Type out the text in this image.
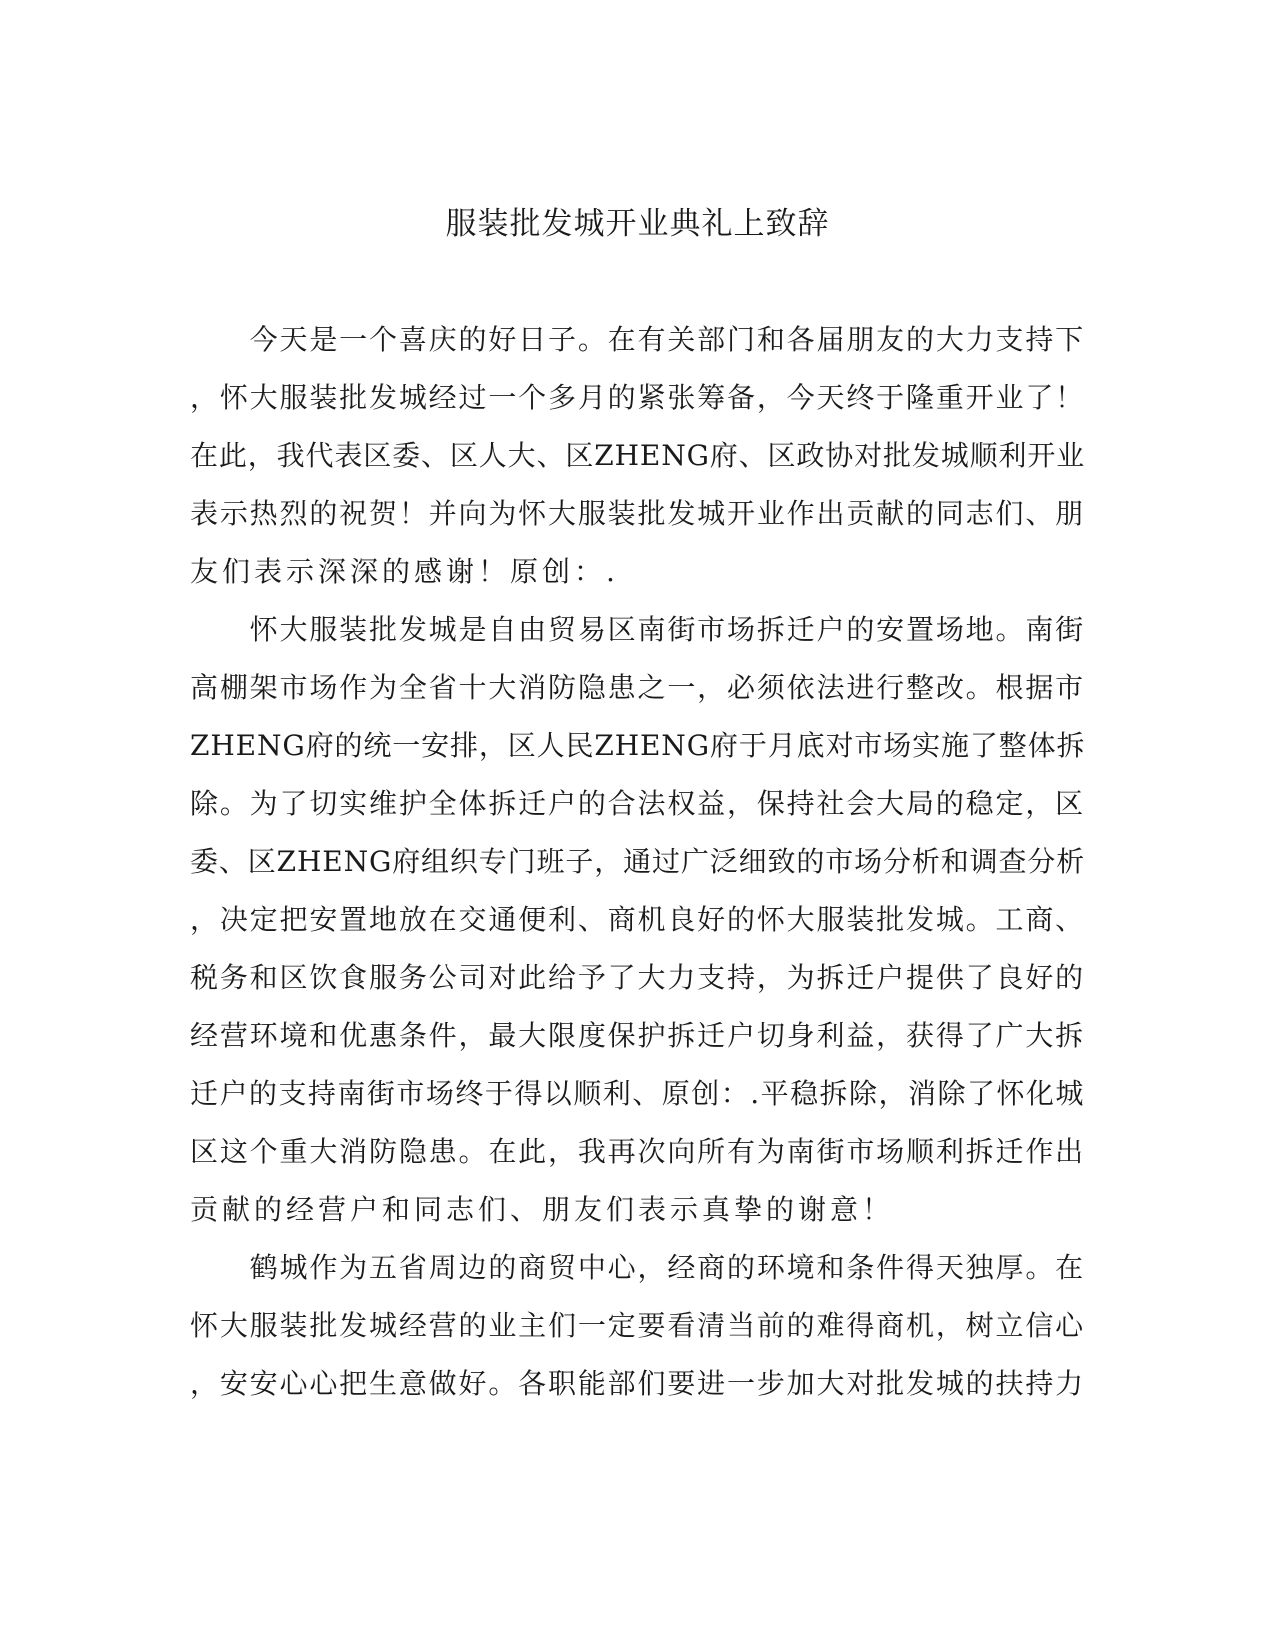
服装批发城开业典礼上致辞
　　今天是一个喜庆的好日子。在有关部门和各届朋友的大力支持下
，怀大服装批发城经过一个多月的紧张筹备，今天终于隆重开业了！
在此，我代表区委、区人大、区ZHENG府、区政协对批发城顺利开业
表示热烈的祝贺！并向为怀大服装批发城开业作出贡献的同志们、朋
友们表示深深的感谢！原创：.
　　怀大服装批发城是自由贸易区南街市场拆迁户的安置场地。南街
高棚架市场作为全省十大消防隐患之一，必须依法进行整改。根据市
ZHENG府的统一安排，区人民ZHENG府于月底对市场实施了整体拆
除。为了切实维护全体拆迁户的合法权益，保持社会大局的稳定，区
委、区ZHENG府组织专门班子，通过广泛细致的市场分析和调查分析
，决定把安置地放在交通便利、商机良好的怀大服装批发城。工商、
税务和区饮食服务公司对此给予了大力支持，为拆迁户提供了良好的
经营环境和优惠条件，最大限度保护拆迁户切身利益，获得了广大拆
迁户的支持南街市场终于得以顺利、原创：.平稳拆除，消除了怀化城
区这个重大消防隐患。在此，我再次向所有为南街市场顺利拆迁作出
贡献的经营户和同志们、朋友们表示真挚的谢意！
　　鹤城作为五省周边的商贸中心，经商的环境和条件得天独厚。在
怀大服装批发城经营的业主们一定要看清当前的难得商机，树立信心
，安安心心把生意做好。各职能部们要进一步加大对批发城的扶持力
